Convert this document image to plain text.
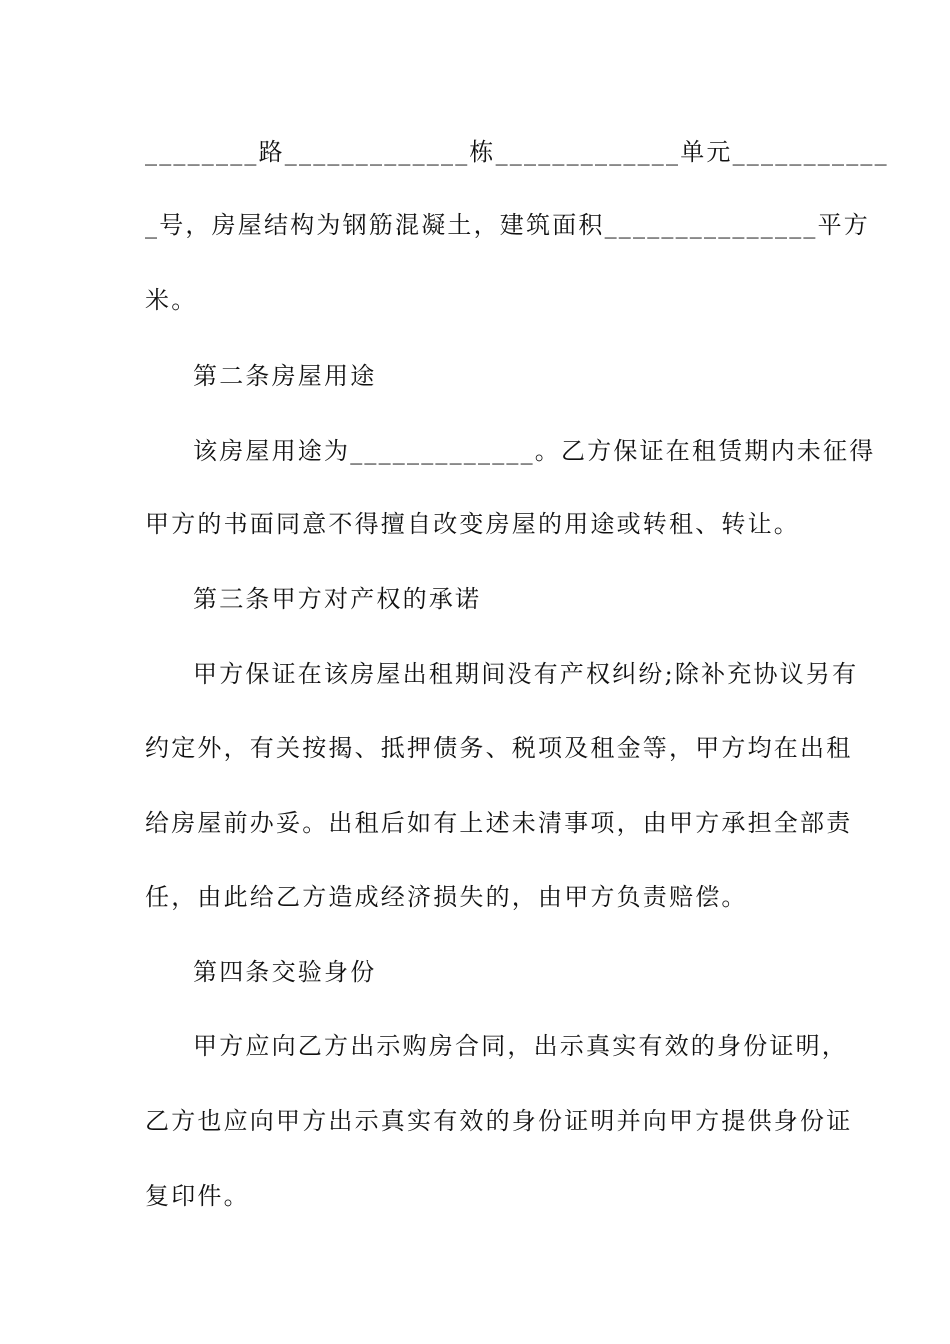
________路_____________栋_____________单元___________
_号，房屋结构为钢筋混凝土，建筑面积_______________平方
米。
第二条房屋用途
该房屋用途为_____________。乙方保证在租赁期内未征得
甲方的书面同意不得擅自改变房屋的用途或转租、转让。
第三条甲方对产权的承诺
甲方保证在该房屋出租期间没有产权纠纷;除补充协议另有
约定外，有关按揭、抵押债务、税项及租金等，甲方均在出租
给房屋前办妥。出租后如有上述未清事项，由甲方承担全部责
任，由此给乙方造成经济损失的，由甲方负责赔偿。
第四条交验身份
甲方应向乙方出示购房合同，出示真实有效的身份证明，
乙方也应向甲方出示真实有效的身份证明并向甲方提供身份证
复印件。
